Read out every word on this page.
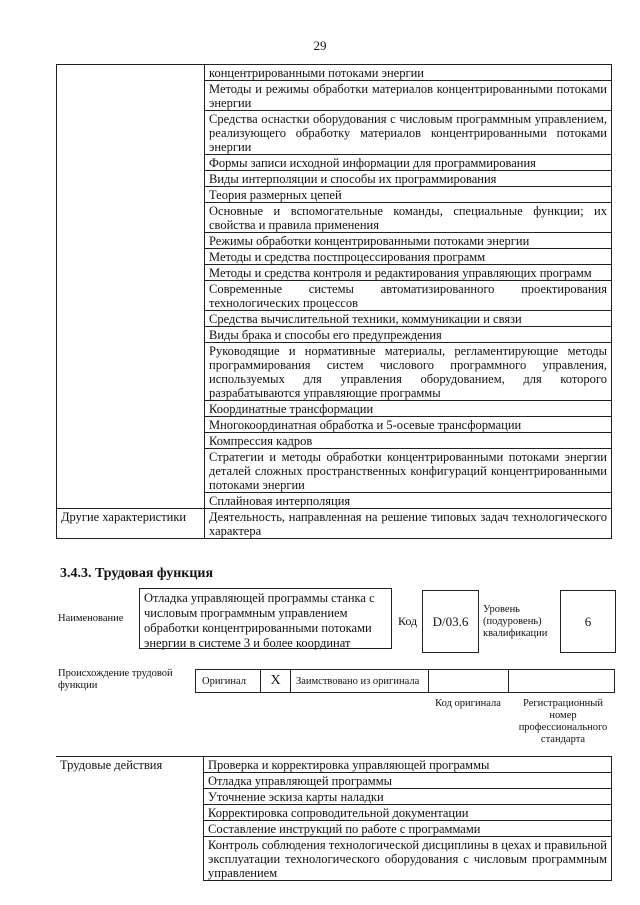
29
	концентрированными потоками энергии
	Методы и режимы обработки материалов концентрированными потоками энергии
	Средства оснастки оборудования с числовым программным управлением, реализующего обработку материалов концентрированными потоками энергии
	Формы записи исходной информации для программирования
	Виды интерполяции и способы их программирования
	Теория размерных цепей
	Основные и вспомогательные команды, специальные функции; их свойства и правила применения
	Режимы обработки концентрированными потоками энергии
	Методы и средства постпроцессирования программ
	Методы и средства контроля и редактирования управляющих программ
	Современные системы автоматизированного проектирования технологических процессов
	Средства вычислительной техники, коммуникации и связи
	Виды брака и способы его предупреждения
	Руководящие и нормативные материалы, регламентирующие методы программирования систем числового программного управления, используемых для управления оборудованием, для которого разрабатываются управляющие программы
	Координатные трансформации
	Многокоординатная обработка и 5-осевые трансформации
	Компрессия кадров
	Стратегии и методы обработки концентрированными потоками энергии деталей сложных пространственных конфигураций концентрированными потоками энергии
	Сплайновая интерполяция
Другие характеристики	Деятельность, направленная на решение типовых задач технологического характера
3.4.3. Трудовая функция
Наименование
Отладка управляющей программы станка с числовым программным управлением обработки концентрированными потоками энергии в системе 3 и более координат
Код	D/03.6
Уровень (подуровень) квалификации
6
Происхождение трудовой функции	Оригинал	X	Заимствовано из оригинала
Код оригинала	Регистрационный номер профессионального стандарта
Трудовые действия	Проверка и корректировка управляющей программы
Отладка управляющей программы
Уточнение эскиза карты наладки
Корректировка сопроводительной документации
Составление инструкций по работе с программами
Контроль соблюдения технологической дисциплины в цехах и правильной эксплуатации технологического оборудования с числовым программным управлением
